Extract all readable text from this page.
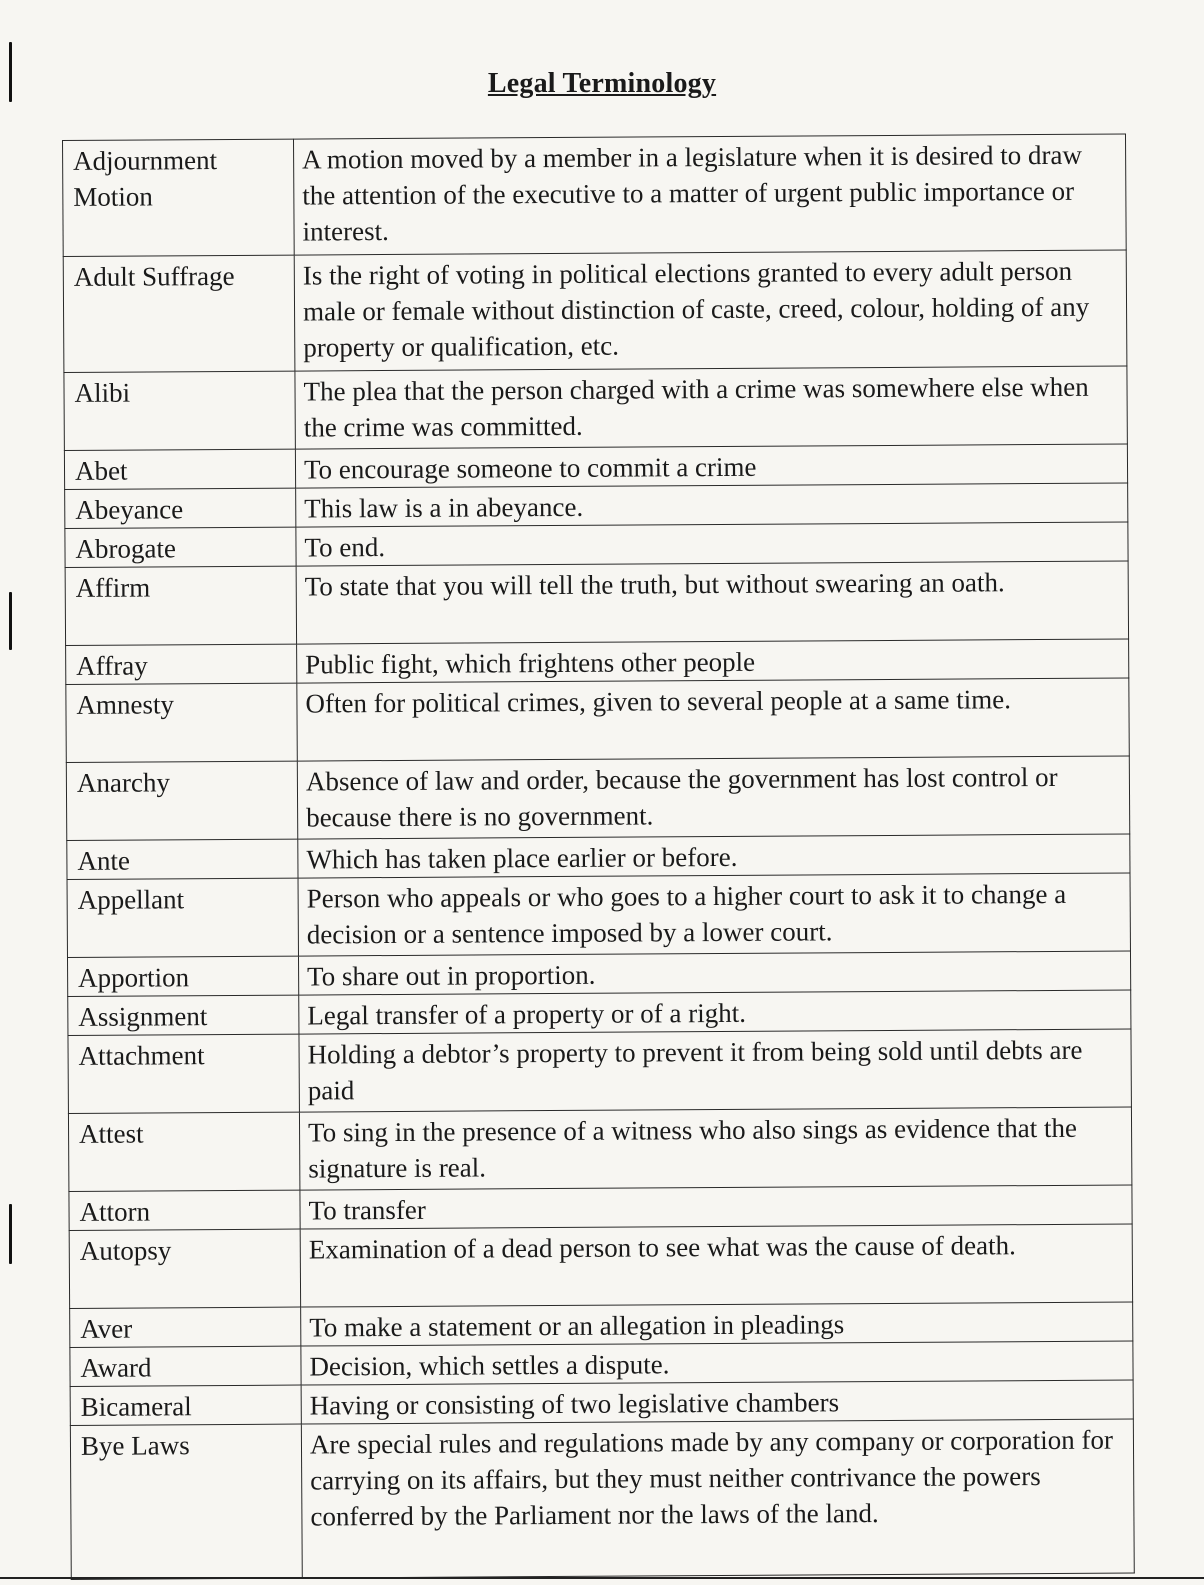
Legal Terminology
Adjournment Motion	A motion moved by a member in a legislature when it is desired to draw the attention of the executive to a matter of urgent public importance or interest.
Adult Suffrage	Is the right of voting in political elections granted to every adult person male or female without distinction of caste, creed, colour, holding of any property or qualification, etc.
Alibi	The plea that the person charged with a crime was somewhere else when the crime was committed.
Abet	To encourage someone to commit a crime
Abeyance	This law is a in abeyance.
Abrogate	To end.
Affirm	To state that you will tell the truth, but without swearing an oath.
Affray	Public fight, which frightens other people
Amnesty	Often for political crimes, given to several people at a same time.
Anarchy	Absence of law and order, because the government has lost control or because there is no government.
Ante	Which has taken place earlier or before.
Appellant	Person who appeals or who goes to a higher court to ask it to change a decision or a sentence imposed by a lower court.
Apportion	To share out in proportion.
Assignment	Legal transfer of a property or of a right.
Attachment	Holding a debtor’s property to prevent it from being sold until debts are paid
Attest	To sing in the presence of a witness who also sings as evidence that the signature is real.
Attorn	To transfer
Autopsy	Examination of a dead person to see what was the cause of death.
Aver	To make a statement or an allegation in pleadings
Award	Decision, which settles a dispute.
Bicameral	Having or consisting of two legislative chambers
Bye Laws	Are special rules and regulations made by any company or corporation for carrying on its affairs, but they must neither contrivance the powers conferred by the Parliament nor the laws of the land.
